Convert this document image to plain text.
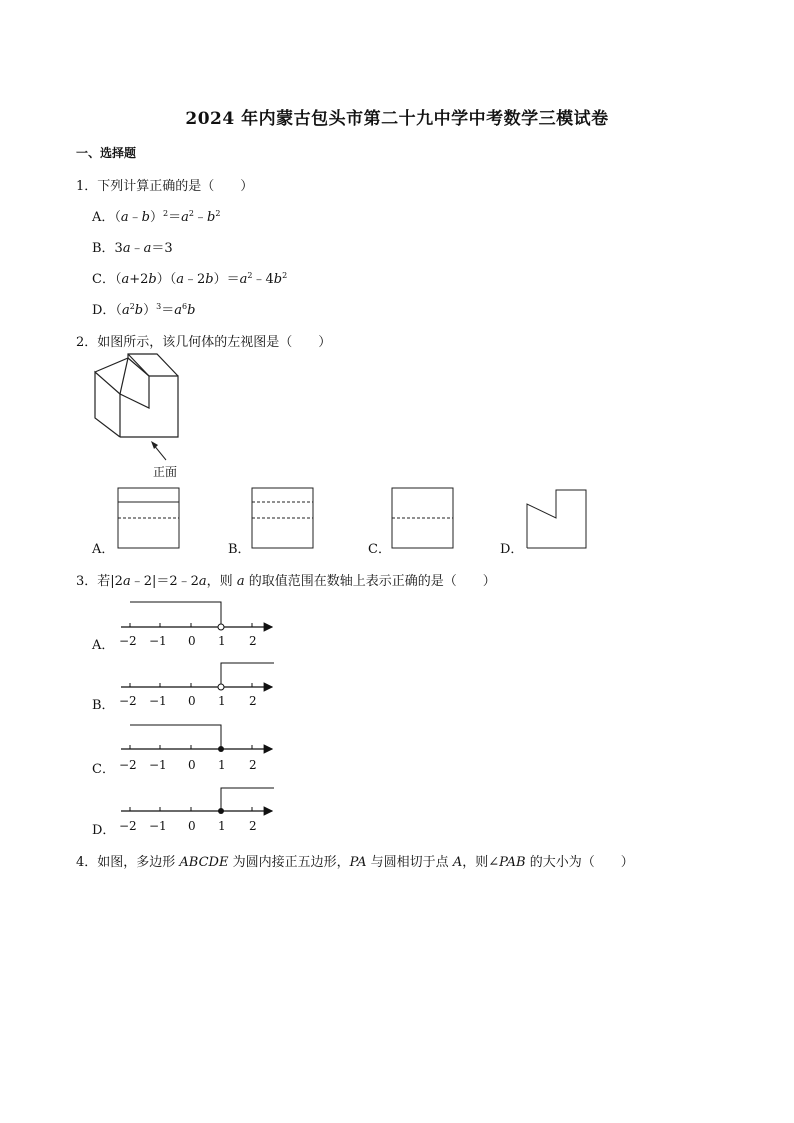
2024 年内蒙古包头市第二十九中学中考数学三模试卷
一、选择题
1．下列计算正确的是（　　）
A．$(a﹣b)^2=a^2﹣b^2$
B．3a﹣a＝3
C．$(a+2b)(a﹣2b)=a^2﹣4b^2$
D．$(a^2b)^3=a^6b$
2．如图所示，该几何体的左视图是（　　）
正面
A．	B．	C．	D．
3．若|2a﹣2|＝2﹣2a，则 a 的取值范围在数轴上表示正确的是（　　）
A．
B．
C．
D．
−2 −1 0 1 2
−2 −1 0 1 2
−2 −1 0 1 2
−2 −1 0 1 2
4．如图，多边形 ABCDE 为圆内接正五边形，PA 与圆相切于点 A，则∠PAB 的大小为（　　）
